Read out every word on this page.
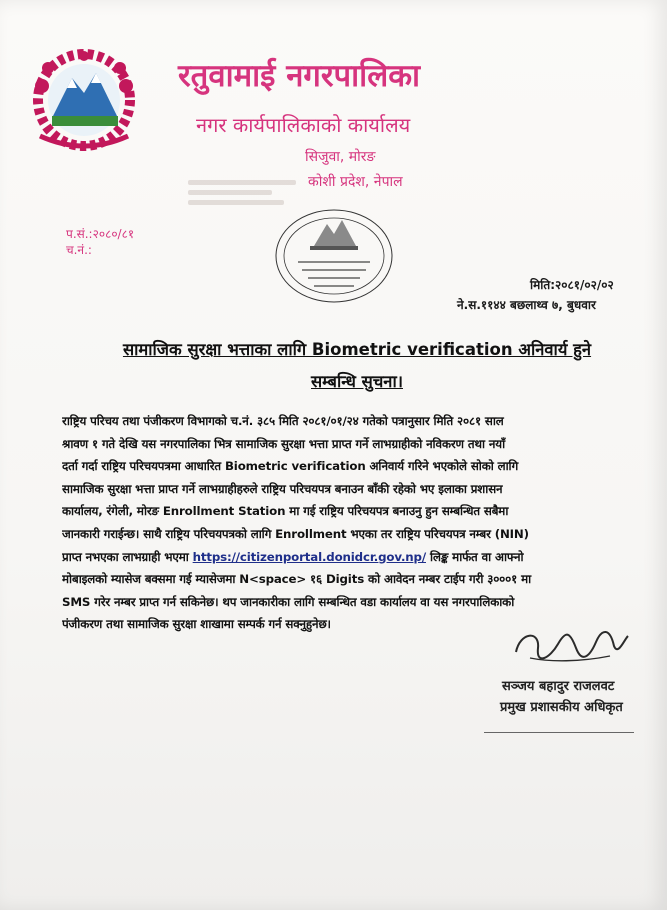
रतुवामाई नगरपालिका
नगर कार्यपालिकाको कार्यालय
सिजुवा, मोरङ
कोशी प्रदेश, नेपाल
प.सं.:२०८०/८१
च.नं.:
मिति:२०८१/०२/०२
ने.स.११४४ बछलाथ्व ७, बुधवार
सामाजिक सुरक्षा भत्ताका लागि Biometric verification अनिवार्य हुने
सम्बन्धि सुचना।
राष्ट्रिय परिचय तथा पंजीकरण विभागको च.नं. ३८५ मिति २०८१/०१/२४ गतेको पत्रानुसार मिति २०८१ साल
श्रावण १ गते देखि यस नगरपालिका भित्र सामाजिक सुरक्षा भत्ता प्राप्त गर्ने लाभग्राहीको नविकरण तथा नयाँ
दर्ता गर्दा राष्ट्रिय परिचयपत्रमा आधारित Biometric verification अनिवार्य गरिने भएकोले सोको लागि
सामाजिक सुरक्षा भत्ता प्राप्त गर्ने लाभग्राहीहरुले राष्ट्रिय परिचयपत्र बनाउन बाँकी रहेको भए इलाका प्रशासन
कार्यालय, रंगेली, मोरङ Enrollment Station मा गई राष्ट्रिय परिचयपत्र बनाउनु हुन सम्बन्धित सबैमा
जानकारी गराईन्छ। साथै राष्ट्रिय परिचयपत्रको लागि Enrollment भएका तर राष्ट्रिय परिचयपत्र नम्बर (NIN)
प्राप्त नभएका लाभग्राही भएमा https://citizenportal.donidcr.gov.np/ लिङ्क मार्फत वा आफ्नो
मोबाइलको म्यासेज बक्समा गई म्यासेजमा N<space> १६ Digits को आवेदन नम्बर टाईप गरी ३०००१ मा
SMS गरेर नम्बर प्राप्त गर्न सकिनेछ। थप जानकारीका लागि सम्बन्धित वडा कार्यालय वा यस नगरपालिकाको
पंजीकरण तथा सामाजिक सुरक्षा शाखामा सम्पर्क गर्न सक्नुहुनेछ।
सञ्जय बहादुर राजलवट
प्रमुख प्रशासकीय अधिकृत
